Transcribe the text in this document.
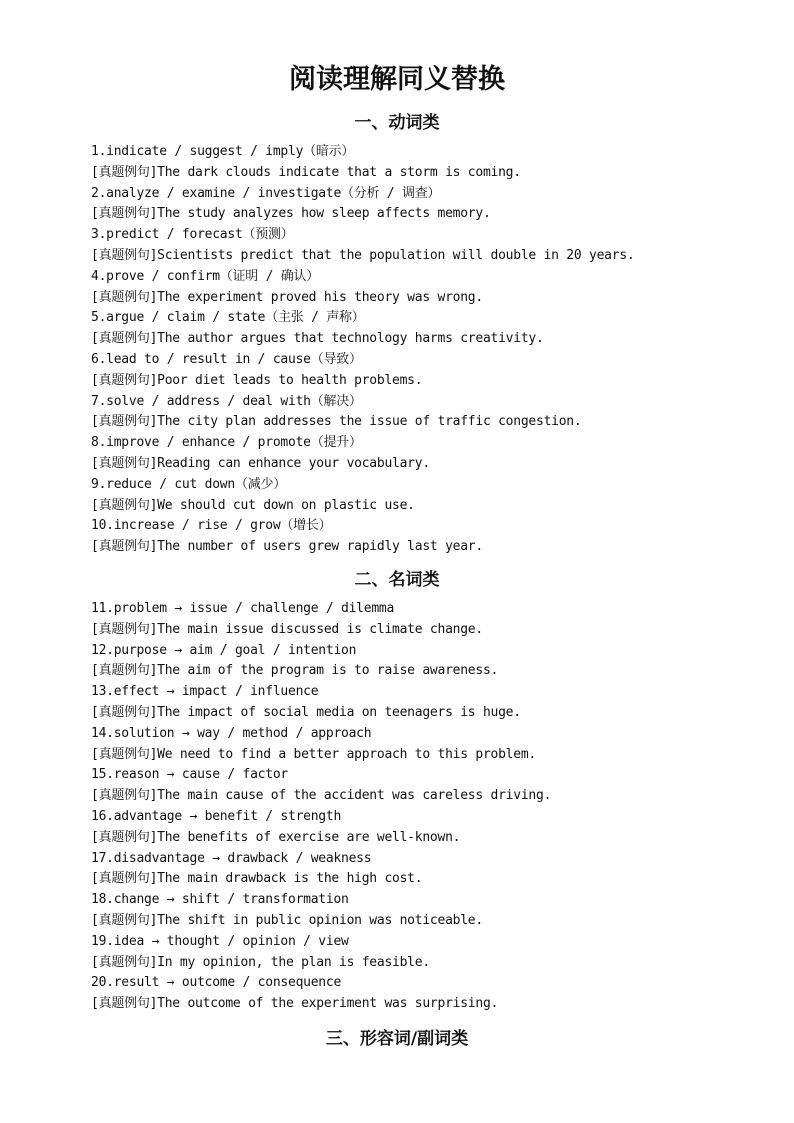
阅读理解同义替换
一、动词类
1.indicate / suggest / imply（暗示）
[真题例句]The dark clouds indicate that a storm is coming.
2.analyze / examine / investigate（分析 / 调查）
[真题例句]The study analyzes how sleep affects memory.
3.predict / forecast（预测）
[真题例句]Scientists predict that the population will double in 20 years.
4.prove / confirm（证明 / 确认）
[真题例句]The experiment proved his theory was wrong.
5.argue / claim / state（主张 / 声称）
[真题例句]The author argues that technology harms creativity.
6.lead to / result in / cause（导致）
[真题例句]Poor diet leads to health problems.
7.solve / address / deal with（解决）
[真题例句]The city plan addresses the issue of traffic congestion.
8.improve / enhance / promote（提升）
[真题例句]Reading can enhance your vocabulary.
9.reduce / cut down（减少）
[真题例句]We should cut down on plastic use.
10.increase / rise / grow（增长）
[真题例句]The number of users grew rapidly last year.
二、名词类
11.problem → issue / challenge / dilemma
[真题例句]The main issue discussed is climate change.
12.purpose → aim / goal / intention
[真题例句]The aim of the program is to raise awareness.
13.effect → impact / influence
[真题例句]The impact of social media on teenagers is huge.
14.solution → way / method / approach
[真题例句]We need to find a better approach to this problem.
15.reason → cause / factor
[真题例句]The main cause of the accident was careless driving.
16.advantage → benefit / strength
[真题例句]The benefits of exercise are well-known.
17.disadvantage → drawback / weakness
[真题例句]The main drawback is the high cost.
18.change → shift / transformation
[真题例句]The shift in public opinion was noticeable.
19.idea → thought / opinion / view
[真题例句]In my opinion, the plan is feasible.
20.result → outcome / consequence
[真题例句]The outcome of the experiment was surprising.
三、形容词/副词类
